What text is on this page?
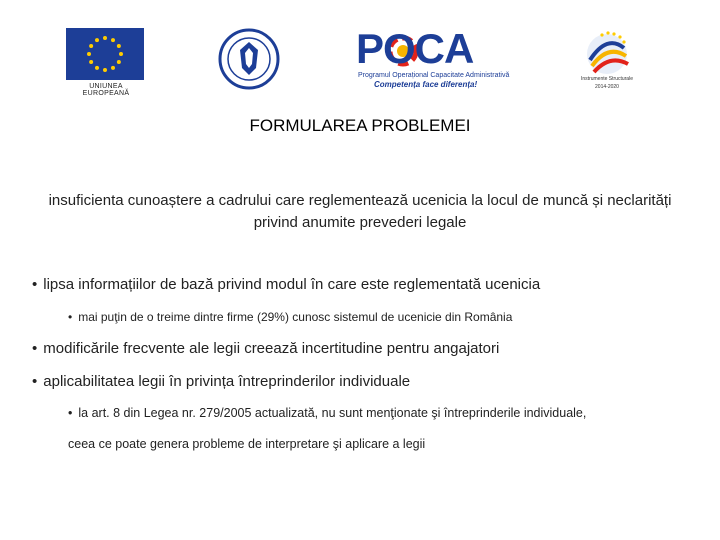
UNIUNEA EUROPEANĂ
POCA
Programul Operațional Capacitate Administrativă
Competența face diferența!
Instrumente Structurale
2014-2020
FORMULAREA PROBLEMEI
insuficienta cunoaștere a cadrului care reglementează ucenicia la locul de muncă și neclarități privind anumite prevederi legale
• lipsa informațiilor de bază privind modul în care este reglementată ucenicia
• mai puţin de o treime dintre firme (29%) cunosc sistemul de ucenicie din România
• modificările frecvente ale legii creează incertitudine pentru angajatori
• aplicabilitatea legii în privința întreprinderilor individuale
• la art. 8 din Legea nr. 279/2005 actualizată, nu sunt menţionate şi întreprinderile individuale,
ceea ce poate genera probleme de interpretare şi aplicare a legii
